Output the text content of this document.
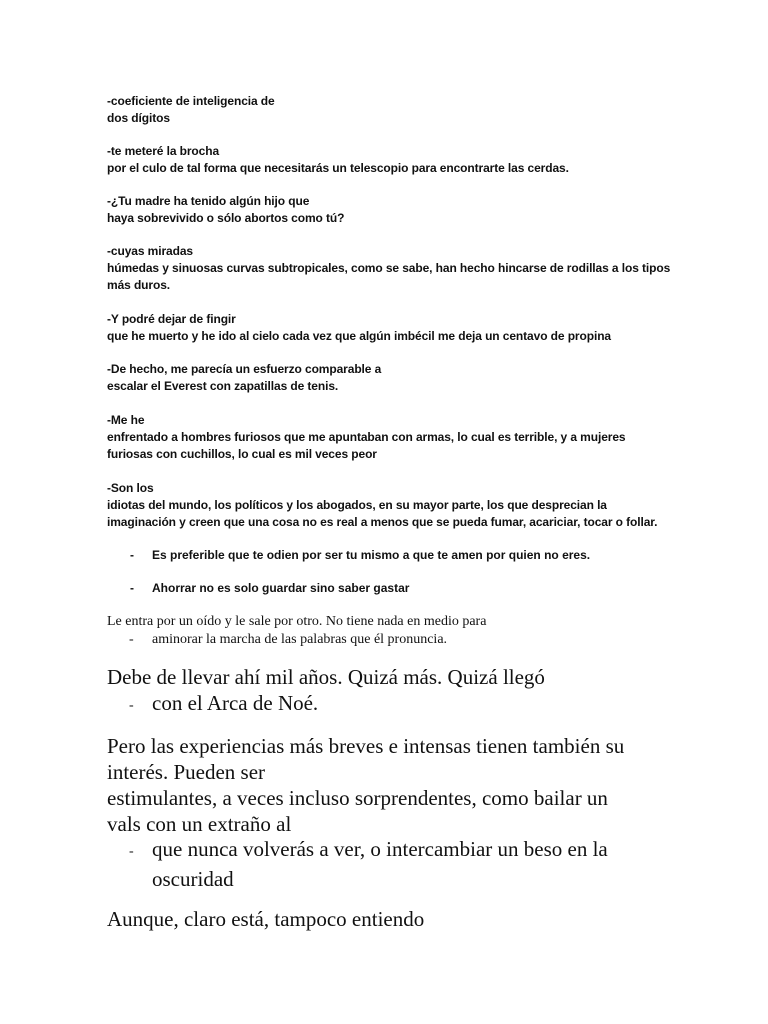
-coeficiente de inteligencia de
dos dígitos
-te meteré la brocha
por el culo de tal forma que necesitarás un telescopio para encontrarte las cerdas.
-¿Tu madre ha tenido algún hijo que
haya sobrevivido o sólo abortos como tú?
-cuyas miradas
húmedas y sinuosas curvas subtropicales, como se sabe, han hecho hincarse de rodillas a los tipos
más duros.
-Y podré dejar de fingir
que he muerto y he ido al cielo cada vez que algún imbécil me deja un centavo de propina
-De hecho, me parecía un esfuerzo comparable a
escalar el Everest con zapatillas de tenis.
-Me he
enfrentado a hombres furiosos que me apuntaban con armas, lo cual es terrible, y a mujeres
furiosas con cuchillos, lo cual es mil veces peor
-Son los
idiotas del mundo, los políticos y los abogados, en su mayor parte, los que desprecian la
imaginación y creen que una cosa no es real a menos que se pueda fumar, acariciar, tocar o follar.
- Es preferible que te odien por ser tu mismo a que te amen por quien no eres.
- Ahorrar no es solo guardar sino saber gastar
Le entra por un oído y le sale por otro. No tiene nada en medio para
- aminorar la marcha de las palabras que él pronuncia.
Debe de llevar ahí mil años. Quizá más. Quizá llegó
- con el Arca de Noé.
Pero las experiencias más breves e intensas tienen también su
interés. Pueden ser
estimulantes, a veces incluso sorprendentes, como bailar un
vals con un extraño al
- que nunca volverás a ver, o intercambiar un beso en la
oscuridad
Aunque, claro está, tampoco entiendo
